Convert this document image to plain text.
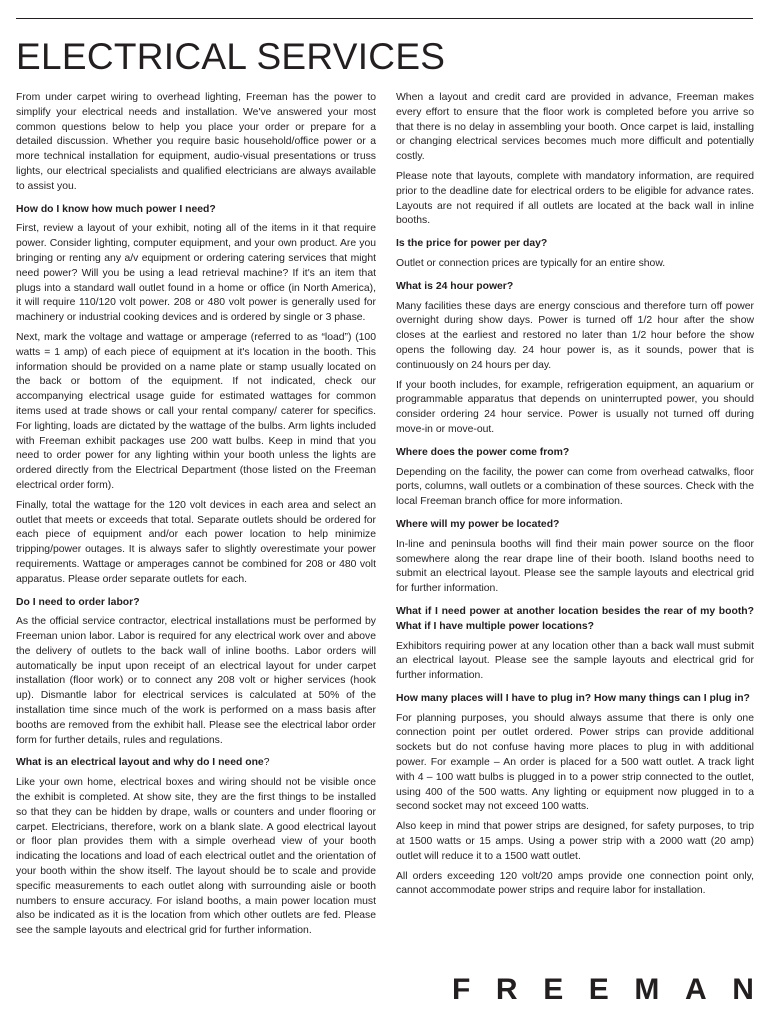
ELECTRICAL SERVICES

From under carpet wiring to overhead lighting, Freeman has the power to simplify your electrical needs and installation. We've answered your most common questions below to help you place your order or prepare for a detailed discussion. Whether you require basic household/office power or a more technical installation for equipment, audio-visual presentations or truss lights, our electrical specialists and qualified electricians are always available to assist you.

How do I know how much power I need?

First, review a layout of your exhibit, noting all of the items in it that require power. Consider lighting, computer equipment, and your own product. Are you bringing or renting any a/v equipment or ordering catering services that might need power? Will you be using a lead retrieval machine? If it's an item that plugs into a standard wall outlet found in a home or office (in North America), it will require 110/120 volt power. 208 or 480 volt power is generally used for machinery or industrial cooking devices and is ordered by single or 3 phase.

Next, mark the voltage and wattage or amperage (referred to as “load”) (100 watts = 1 amp) of each piece of equipment at it's location in the booth. This information should be provided on a name plate or stamp usually located on the back or bottom of the equipment. If not indicated, check our accompanying electrical usage guide for estimated wattages for common items used at trade shows or call your rental company/ caterer for specifics. For lighting, loads are dictated by the wattage of the bulbs. Arm lights included with Freeman exhibit packages use 200 watt bulbs. Keep in mind that you need to order power for any lighting within your booth unless the lights are ordered directly from the Electrical Department (those listed on the Freeman electrical order form).

Finally, total the wattage for the 120 volt devices in each area and select an outlet that meets or exceeds that total. Separate outlets should be ordered for each piece of equipment and/or each power location to help minimize tripping/power outages. It is always safer to slightly overestimate your power requirements. Wattage or amperages cannot be combined for 208 or 480 volt apparatus. Please order separate outlets for each.

Do I need to order labor?

As the official service contractor, electrical installations must be performed by Freeman union labor. Labor is required for any electrical work over and above the delivery of outlets to the back wall of inline booths. Labor orders will automatically be input upon receipt of an electrical layout for under carpet installation (floor work) or to connect any 208 volt or higher services (hook up). Dismantle labor for electrical services is calculated at 50% of the installation time since much of the work is performed on a mass basis after booths are removed from the exhibit hall. Please see the electrical labor order form for further details, rules and regulations.

What is an electrical layout and why do I need one?

Like your own home, electrical boxes and wiring should not be visible once the exhibit is completed. At show site, they are the first things to be installed so that they can be hidden by drape, walls or counters and under flooring or carpet. Electricians, therefore, work on a blank slate. A good electrical layout or floor plan provides them with a simple overhead view of your booth indicating the locations and load of each electrical outlet and the orientation of your booth within the show itself. The layout should be to scale and provide specific measurements to each outlet along with surrounding aisle or booth numbers to ensure accuracy. For island booths, a main power location must also be indicated as it is the location from which other outlets are fed. Please see the sample layouts and electrical grid for further information.

When a layout and credit card are provided in advance, Freeman makes every effort to ensure that the floor work is completed before you arrive so that there is no delay in assembling your booth. Once carpet is laid, installing or changing electrical services becomes much more difficult and potentially costly.

Please note that layouts, complete with mandatory information, are required prior to the deadline date for electrical orders to be eligible for advance rates. Layouts are not required if all outlets are located at the back wall in inline booths.

Is the price for power per day?

Outlet or connection prices are typically for an entire show.

What is 24 hour power?

Many facilities these days are energy conscious and therefore turn off power overnight during show days. Power is turned off 1/2 hour after the show closes at the earliest and restored no later than 1/2 hour before the show opens the following day. 24 hour power is, as it sounds, power that is continuously on 24 hours per day.

If your booth includes, for example, refrigeration equipment, an aquarium or programmable apparatus that depends on uninterrupted power, you should consider ordering 24 hour service. Power is usually not turned off during move-in or move-out.

Where does the power come from?

Depending on the facility, the power can come from overhead catwalks, floor ports, columns, wall outlets or a combination of these sources. Check with the local Freeman branch office for more information.

Where will my power be located?

In-line and peninsula booths will find their main power source on the floor somewhere along the rear drape line of their booth. Island booths need to submit an electrical layout. Please see the sample layouts and electrical grid for further information.

What if I need power at another location besides the rear of my booth? What if I have multiple power locations?

Exhibitors requiring power at any location other than a back wall must submit an electrical layout. Please see the sample layouts and electrical grid for further information.

How many places will I have to plug in? How many things can I plug in?

For planning purposes, you should always assume that there is only one connection point per outlet ordered. Power strips can provide additional sockets but do not confuse having more places to plug in with additional power. For example – An order is placed for a 500 watt outlet. A track light with 4 – 100 watt bulbs is plugged in to a power strip connected to the outlet, using 400 of the 500 watts. Any lighting or equipment now plugged in to a second socket may not exceed 100 watts.

Also keep in mind that power strips are designed, for safety purposes, to trip at 1500 watts or 15 amps. Using a power strip with a 2000 watt (20 amp) outlet will reduce it to a 1500 watt outlet.

All orders exceeding 120 volt/20 amps provide one connection point only, cannot accommodate power strips and require labor for installation.

F R E E M A N
